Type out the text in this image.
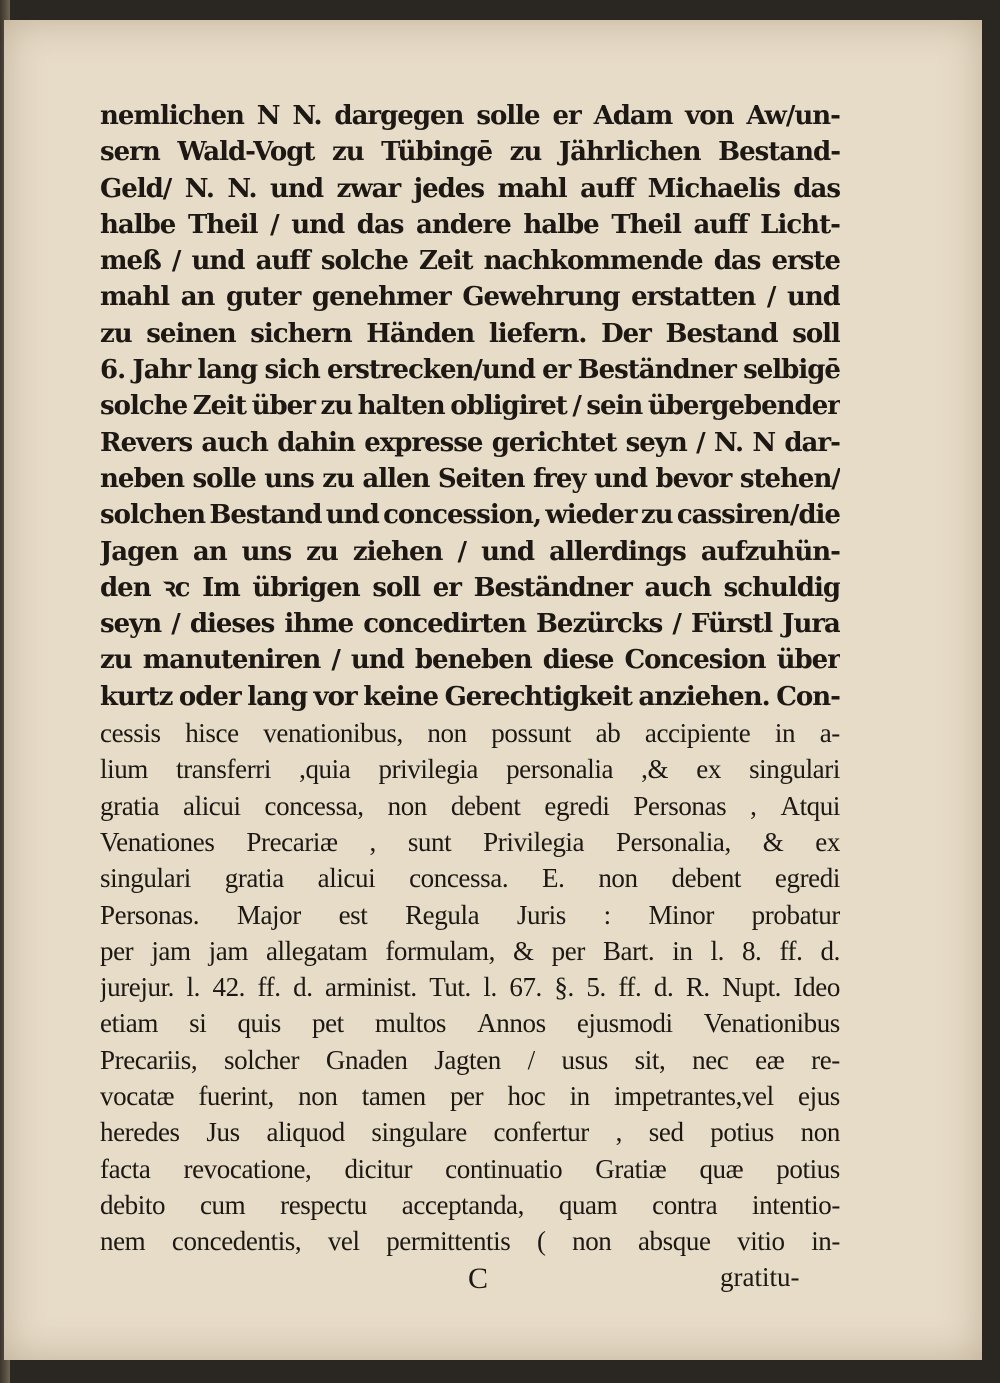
nemlichen N N. dargegen solle er Adam von Aw/un-
sern Wald-Vogt zu Tübingē zu Jährlichen Bestand-
Geld/ N. N. und zwar jedes mahl auff Michaelis das
halbe Theil / und das andere halbe Theil auff Licht-
meß / und auff solche Zeit nachkommende das erste
mahl an guter genehmer Gewehrung erstatten / und
zu seinen sichern Händen liefern. Der Bestand soll
6. Jahr lang sich erstrecken/und er Beständner selbigē
solche Zeit über zu halten obligiret / sein übergebender
Revers auch dahin expresse gerichtet seyn / N. N dar-
neben solle uns zu allen Seiten frey und bevor stehen/
solchen Bestand und concession, wieder zu cassiren/die
Jagen an uns zu ziehen / und allerdings aufzuhün-
den ꝛc Im übrigen soll er Beständner auch schuldig
seyn / dieses ihme concedirten Bezürcks / Fürstl Jura
zu manuteniren / und beneben diese Concesion über
kurtz oder lang vor keine Gerechtigkeit anziehen. Con-
cessis hisce venationibus, non possunt ab accipiente in a-
lium transferri ,quia privilegia personalia ,& ex singulari
gratia alicui concessa, non debent egredi Personas , Atqui
Venationes Precariæ , sunt Privilegia Personalia, & ex
singulari gratia alicui concessa. E. non debent egredi
Personas. Major est Regula Juris : Minor probatur
per jam jam allegatam formulam, & per Bart. in l. 8. ff. d.
jurejur. l. 42. ff. d. arminist. Tut. l. 67. §. 5. ff. d. R. Nupt. Ideo
etiam si quis pet multos Annos ejusmodi Venationibus
Precariis, solcher Gnaden Jagten / usus sit, nec eæ re-
vocatæ fuerint, non tamen per hoc in impetrantes,vel ejus
heredes Jus aliquod singulare confertur , sed potius non
facta revocatione, dicitur continuatio Gratiæ quæ potius
debito cum respectu acceptanda, quam contra intentio-
nem concedentis, vel permittentis ( non absque vitio in-
C	gratitu-
